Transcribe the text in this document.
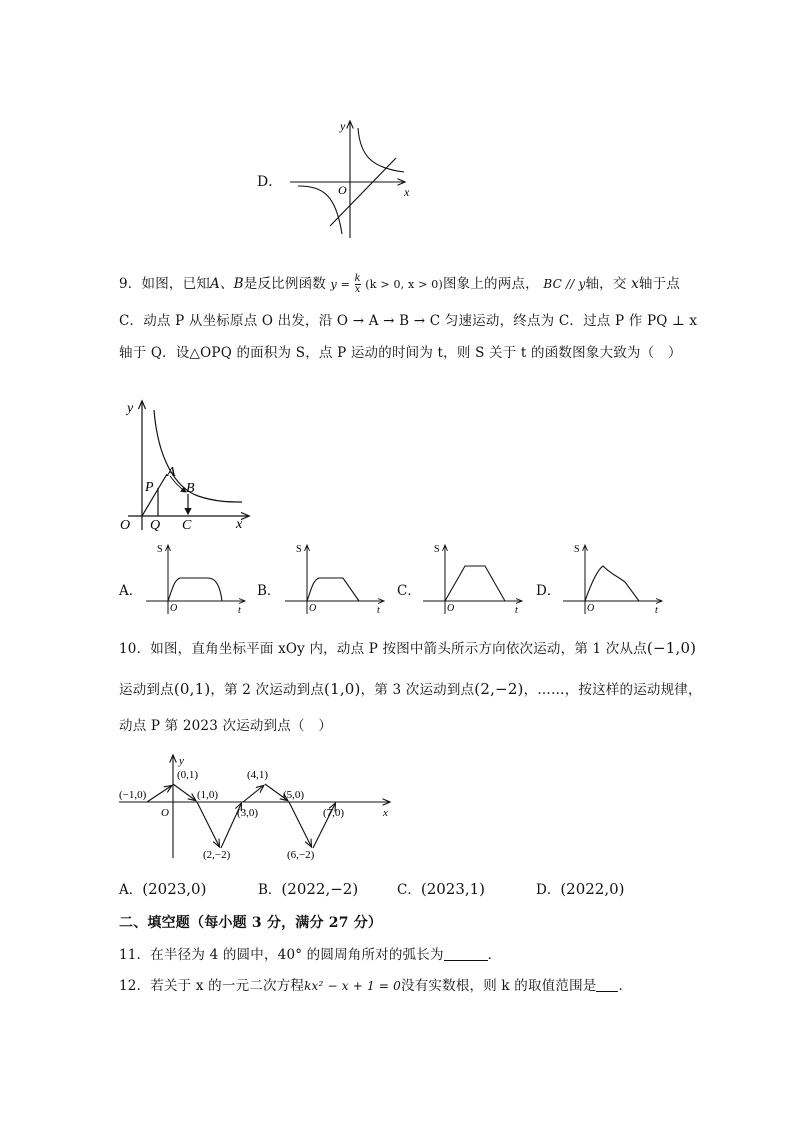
D．
y
x
O
9．如图，已知A、B是反比例函数 $y = \frac{k}{x} (k > 0$, x > 0)图象上的两点， BC // y轴，交 x轴于点
C．动点 P 从坐标原点 O 出发，沿 O → A → B → C 匀速运动，终点为 C．过点 P 作 PQ ⊥ x
轴于 Q．设△OPQ 的面积为 S，点 P 运动的时间为 t，则 S 关于 t 的函数图象大致为（　）
y
x
O
P
A
B
Q C
A．
S
O	t
B．
S
O	t
C．
S
O	t
D．
S
O	t
10．如图，直角坐标平面 xOy 内，动点 P 按图中箭头所示方向依次运动，第 1 次从点(−1,0)
运动到点(0,1)，第 2 次运动到点(1,0)，第 3 次运动到点(2,−2)，……，按这样的运动规律，
动点 P 第 2023 次运动到点（　）
y
x
O
(−1,0)
(0,1)
(1,0)
(2,−2)
(3,0)
(4,1)
(5,0)
(6,−2)
(7,0)
A．(2023,0)	B．(2022,−2)	C．(2023,1)	D．(2022,0)
二、填空题（每小题 3 分，满分 27 分）
11．在半径为 4 的圆中，40° 的圆周角所对的弧长为	．
12．若关于 x 的一元二次方程kx² − x + 1 = 0没有实数根，则 k 的取值范围是 ．
